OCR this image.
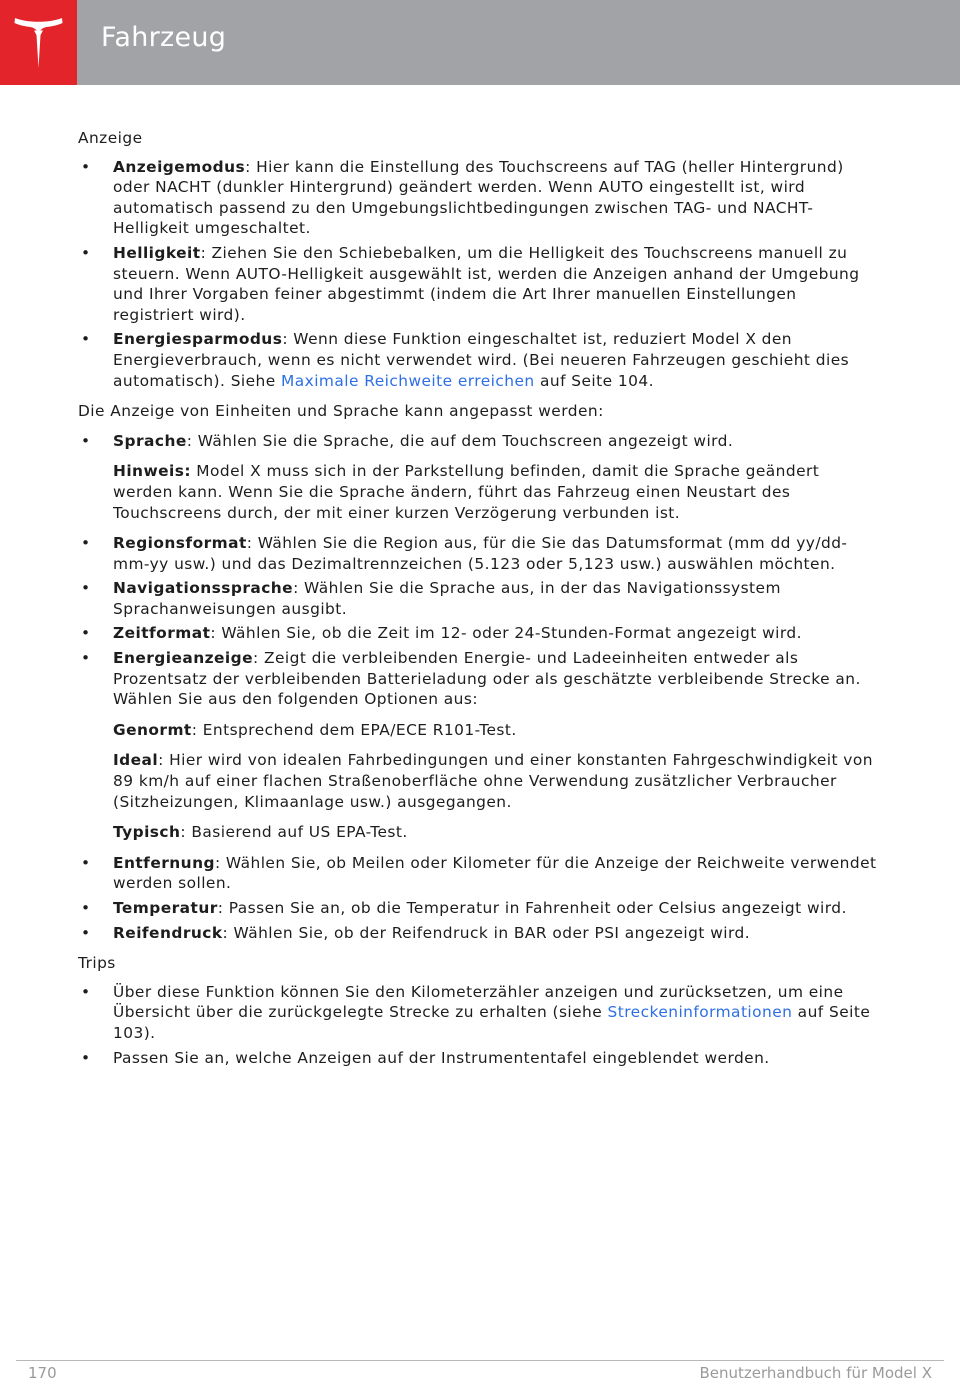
Fahrzeug
Anzeige
• Anzeigemodus: Hier kann die Einstellung des Touchscreens auf TAG (heller Hintergrund) oder NACHT (dunkler Hintergrund) geändert werden. Wenn AUTO eingestellt ist, wird automatisch passend zu den Umgebungslichtbedingungen zwischen TAG- und NACHT-Helligkeit umgeschaltet.
• Helligkeit: Ziehen Sie den Schiebebalken, um die Helligkeit des Touchscreens manuell zu steuern. Wenn AUTO-Helligkeit ausgewählt ist, werden die Anzeigen anhand der Umgebung und Ihrer Vorgaben feiner abgestimmt (indem die Art Ihrer manuellen Einstellungen registriert wird).
• Energiesparmodus: Wenn diese Funktion eingeschaltet ist, reduziert Model X den Energieverbrauch, wenn es nicht verwendet wird. (Bei neueren Fahrzeugen geschieht dies automatisch). Siehe Maximale Reichweite erreichen auf Seite 104.
Die Anzeige von Einheiten und Sprache kann angepasst werden:
• Sprache: Wählen Sie die Sprache, die auf dem Touchscreen angezeigt wird.
Hinweis: Model X muss sich in der Parkstellung befinden, damit die Sprache geändert werden kann. Wenn Sie die Sprache ändern, führt das Fahrzeug einen Neustart des Touchscreens durch, der mit einer kurzen Verzögerung verbunden ist.
• Regionsformat: Wählen Sie die Region aus, für die Sie das Datumsformat (mm dd yy/dd-mm-yy usw.) und das Dezimaltrennzeichen (5.123 oder 5,123 usw.) auswählen möchten.
• Navigationssprache: Wählen Sie die Sprache aus, in der das Navigationssystem Sprachanweisungen ausgibt.
• Zeitformat: Wählen Sie, ob die Zeit im 12- oder 24-Stunden-Format angezeigt wird.
• Energieanzeige: Zeigt die verbleibenden Energie- und Ladeeinheiten entweder als Prozentsatz der verbleibenden Batterieladung oder als geschätzte verbleibende Strecke an. Wählen Sie aus den folgenden Optionen aus:
Genormt: Entsprechend dem EPA/ECE R101-Test.
Ideal: Hier wird von idealen Fahrbedingungen und einer konstanten Fahrgeschwindigkeit von 89 km/h auf einer flachen Straßenoberfläche ohne Verwendung zusätzlicher Verbraucher (Sitzheizungen, Klimaanlage usw.) ausgegangen.
Typisch: Basierend auf US EPA-Test.
• Entfernung: Wählen Sie, ob Meilen oder Kilometer für die Anzeige der Reichweite verwendet werden sollen.
• Temperatur: Passen Sie an, ob die Temperatur in Fahrenheit oder Celsius angezeigt wird.
• Reifendruck: Wählen Sie, ob der Reifendruck in BAR oder PSI angezeigt wird.
Trips
• Über diese Funktion können Sie den Kilometerzähler anzeigen und zurücksetzen, um eine Übersicht über die zurückgelegte Strecke zu erhalten (siehe Streckeninformationen auf Seite 103).
• Passen Sie an, welche Anzeigen auf der Instrumententafel eingeblendet werden.
170	Benutzerhandbuch für Model X
